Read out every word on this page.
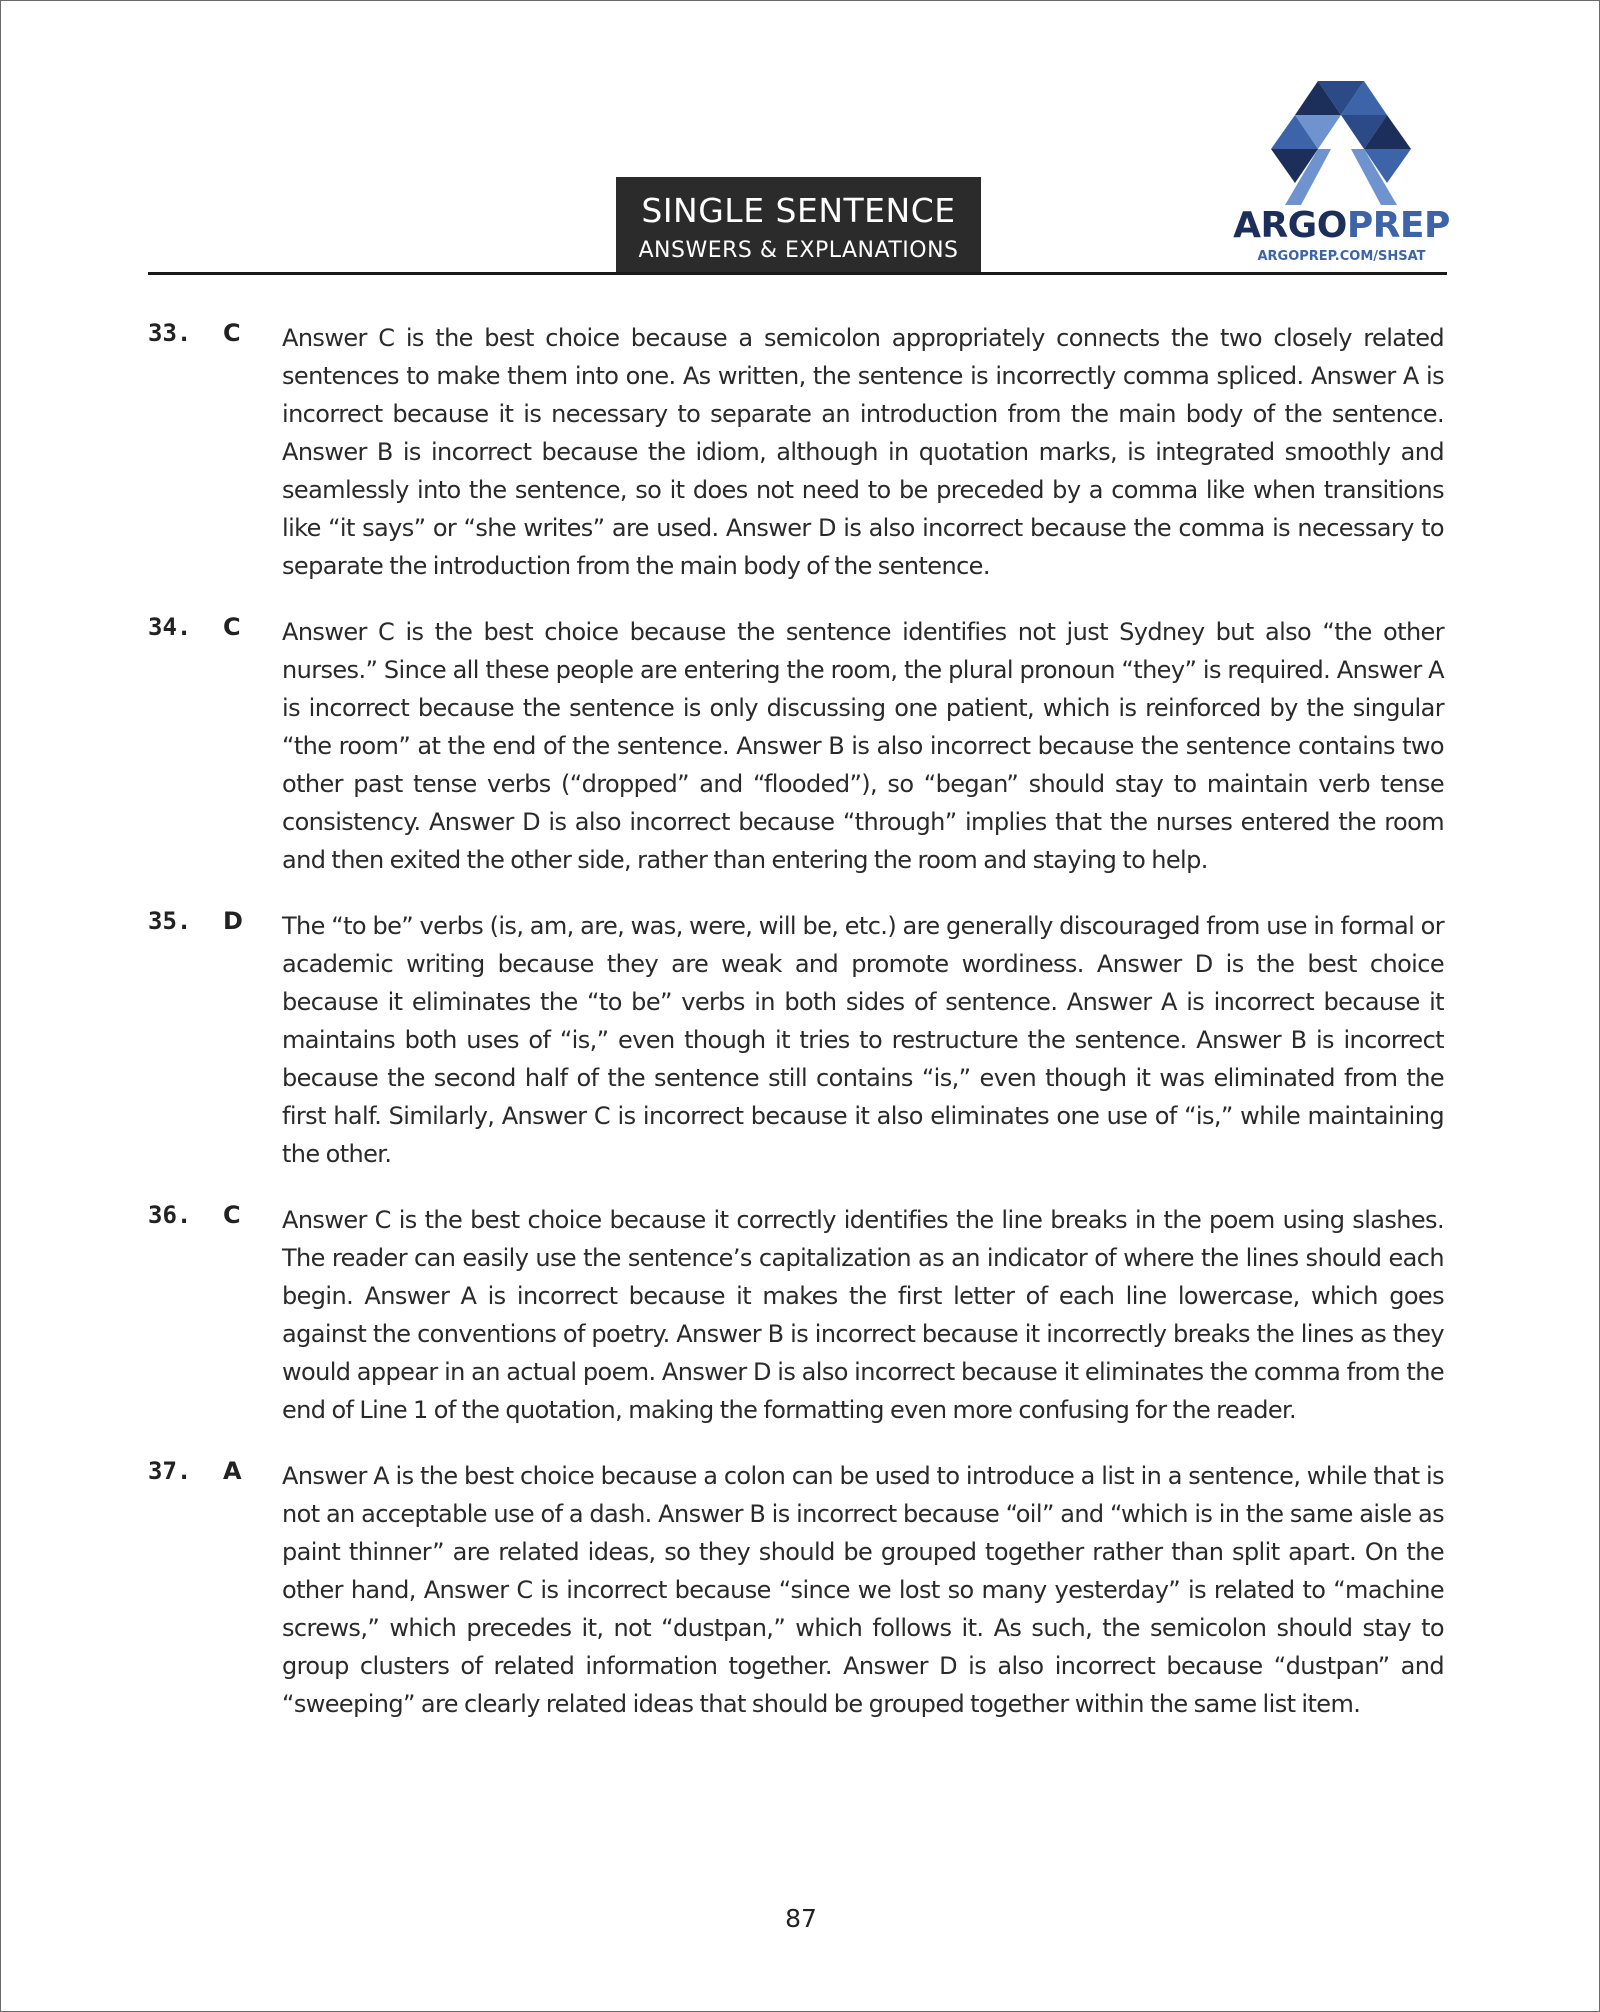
SINGLE SENTENCE
ANSWERS & EXPLANATIONS
ARGOPREP
ARGOPREP.COM/SHSAT
33. C Answer C is the best choice because a semicolon appropriately connects the two closely related sentences to make them into one. As written, the sentence is incorrectly comma spliced. Answer A is incorrect because it is necessary to separate an introduction from the main body of the sentence. Answer B is incorrect because the idiom, although in quotation marks, is integrated smoothly and seamlessly into the sentence, so it does not need to be preceded by a comma like when transitions like “it says” or “she writes” are used. Answer D is also incorrect because the comma is necessary to separate the introduction from the main body of the sentence.
34. C Answer C is the best choice because the sentence identifies not just Sydney but also “the other nurses.” Since all these people are entering the room, the plural pronoun “they” is required. Answer A is incorrect because the sentence is only discussing one patient, which is reinforced by the singular “the room” at the end of the sentence. Answer B is also incorrect because the sentence contains two other past tense verbs (“dropped” and “flooded”), so “began” should stay to maintain verb tense consistency. Answer D is also incorrect because “through” implies that the nurses entered the room and then exited the other side, rather than entering the room and staying to help.
35. D The “to be” verbs (is, am, are, was, were, will be, etc.) are generally discouraged from use in formal or academic writing because they are weak and promote wordiness. Answer D is the best choice because it eliminates the “to be” verbs in both sides of sentence. Answer A is incorrect because it maintains both uses of “is,” even though it tries to restructure the sentence. Answer B is incorrect because the second half of the sentence still contains “is,” even though it was eliminated from the first half. Similarly, Answer C is incorrect because it also eliminates one use of “is,” while maintaining the other.
36. C Answer C is the best choice because it correctly identifies the line breaks in the poem using slashes. The reader can easily use the sentence’s capitalization as an indicator of where the lines should each begin. Answer A is incorrect because it makes the first letter of each line lowercase, which goes against the conventions of poetry. Answer B is incorrect because it incorrectly breaks the lines as they would appear in an actual poem. Answer D is also incorrect because it eliminates the comma from the end of Line 1 of the quotation, making the formatting even more confusing for the reader.
37. A Answer A is the best choice because a colon can be used to introduce a list in a sentence, while that is not an acceptable use of a dash. Answer B is incorrect because “oil” and “which is in the same aisle as paint thinner” are related ideas, so they should be grouped together rather than split apart. On the other hand, Answer C is incorrect because “since we lost so many yesterday” is related to “machine screws,” which precedes it, not “dustpan,” which follows it. As such, the semicolon should stay to group clusters of related information together. Answer D is also incorrect because “dustpan” and “sweeping” are clearly related ideas that should be grouped together within the same list item.
87
